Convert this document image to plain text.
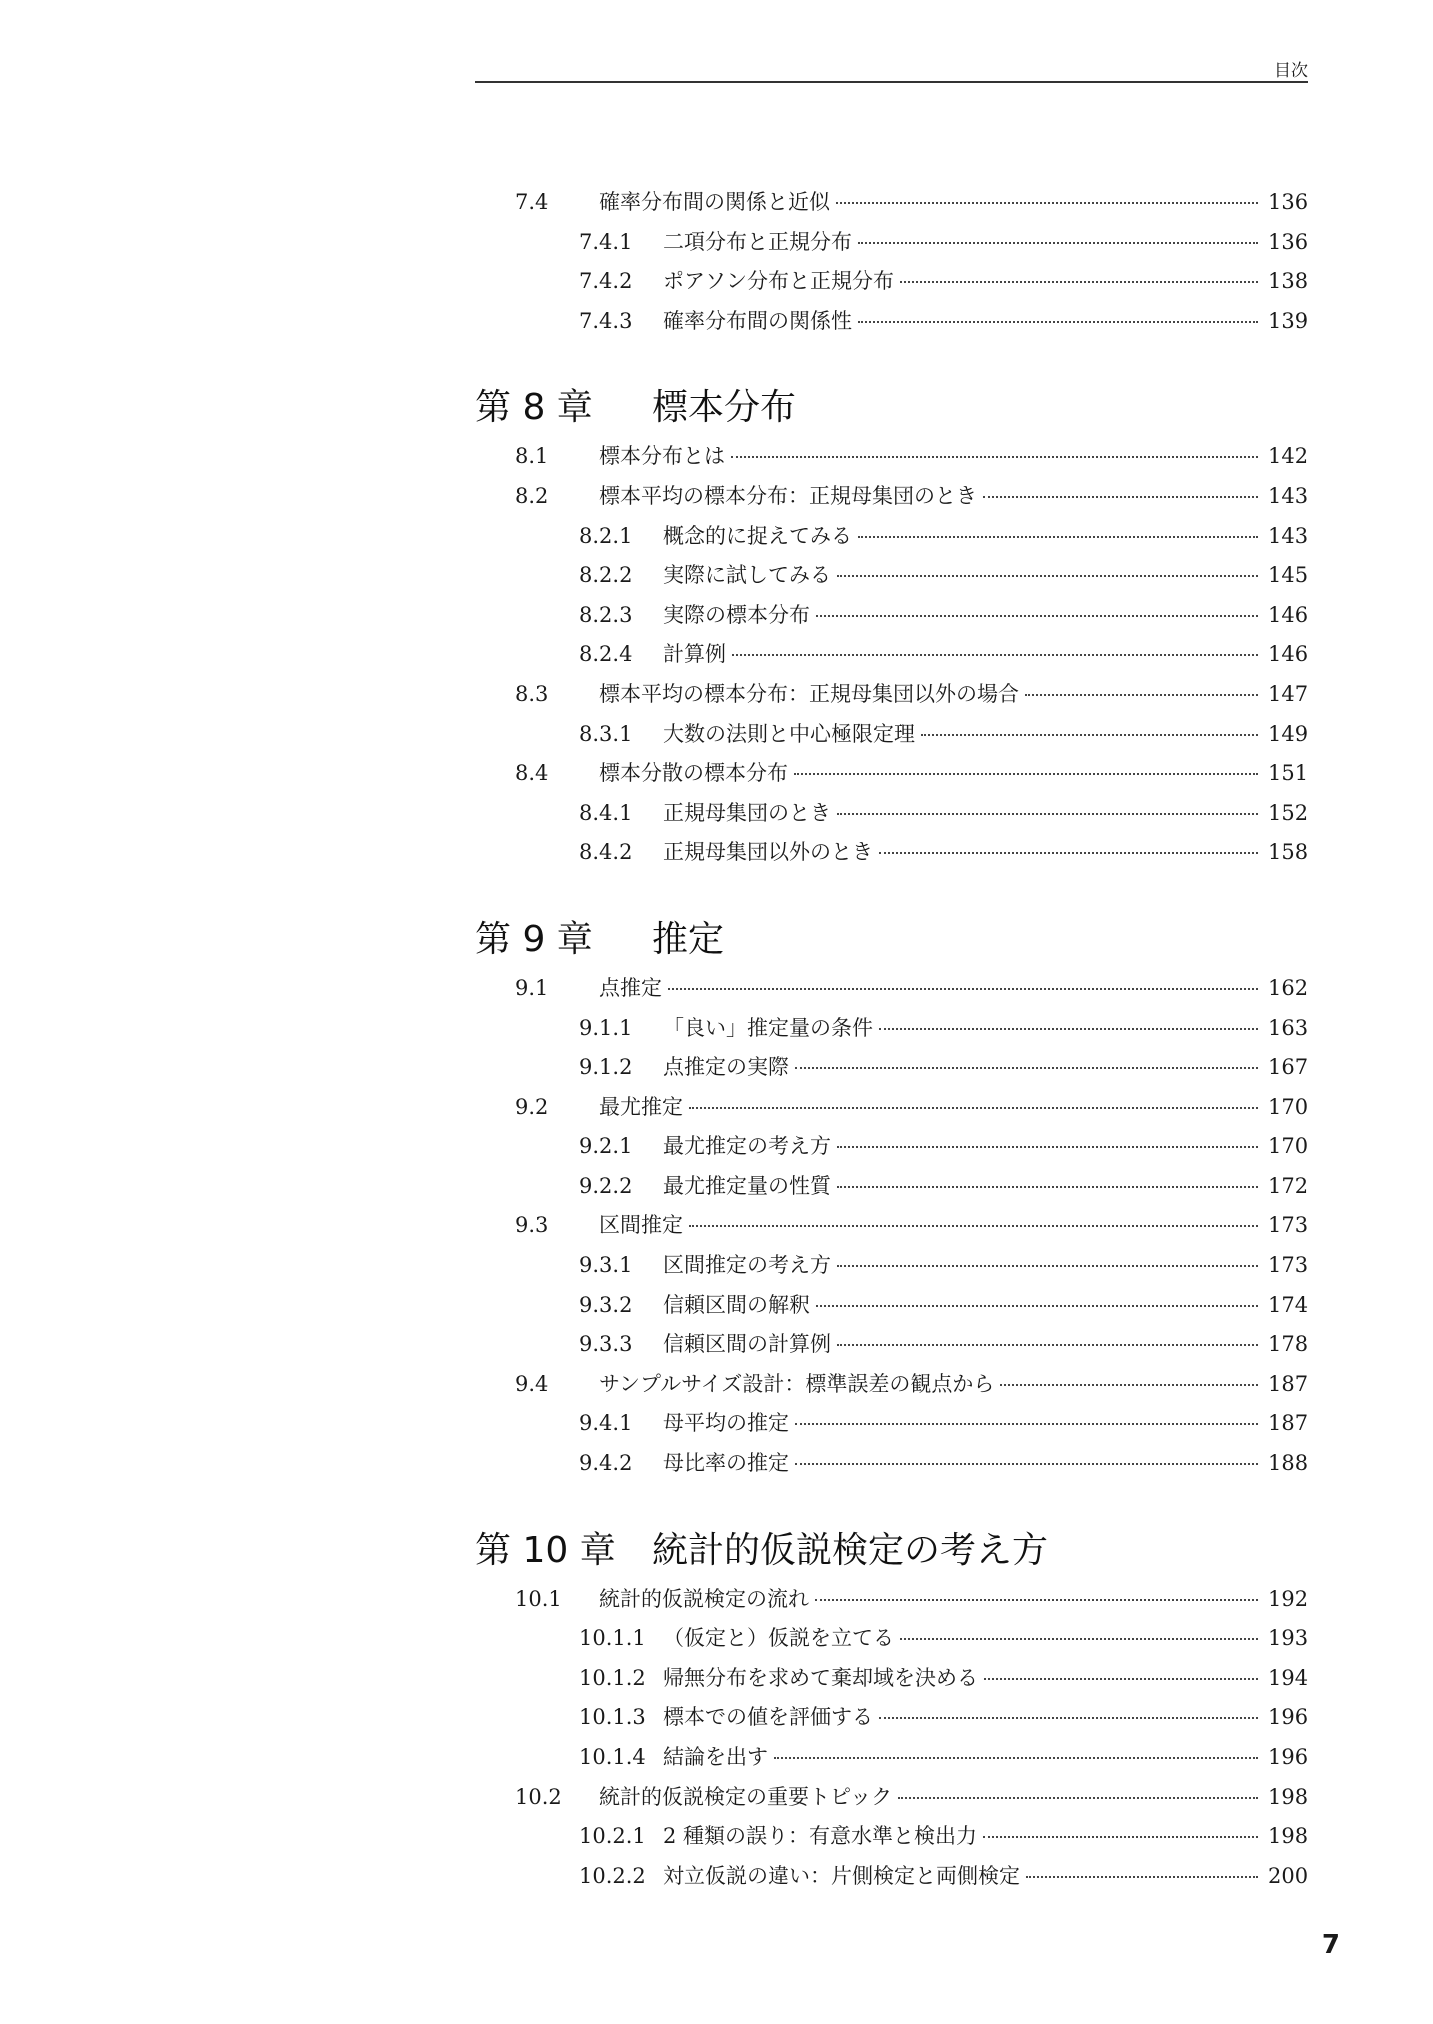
目次
7.4	確率分布間の関係と近似	136
7.4.1	二項分布と正規分布	136
7.4.2	ポアソン分布と正規分布	138
7.4.3	確率分布間の関係性	139
第 8 章	標本分布
8.1	標本分布とは	142
8.2	標本平均の標本分布：正規母集団のとき	143
8.2.1	概念的に捉えてみる	143
8.2.2	実際に試してみる	145
8.2.3	実際の標本分布	146
8.2.4	計算例	146
8.3	標本平均の標本分布：正規母集団以外の場合	147
8.3.1	大数の法則と中心極限定理	149
8.4	標本分散の標本分布	151
8.4.1	正規母集団のとき	152
8.4.2	正規母集団以外のとき	158
第 9 章	推定
9.1	点推定	162
9.1.1	「良い」推定量の条件	163
9.1.2	点推定の実際	167
9.2	最尤推定	170
9.2.1	最尤推定の考え方	170
9.2.2	最尤推定量の性質	172
9.3	区間推定	173
9.3.1	区間推定の考え方	173
9.3.2	信頼区間の解釈	174
9.3.3	信頼区間の計算例	178
9.4	サンプルサイズ設計：標準誤差の観点から	187
9.4.1	母平均の推定	187
9.4.2	母比率の推定	188
第 10 章	統計的仮説検定の考え方
10.1	統計的仮説検定の流れ	192
10.1.1 （仮定と）仮説を立てる	193
10.1.2 帰無分布を求めて棄却域を決める	194
10.1.3 標本での値を評価する	196
10.1.4 結論を出す	196
10.2	統計的仮説検定の重要トピック	198
10.2.1 2 種類の誤り：有意水準と検出力	198
10.2.2 対立仮説の違い：片側検定と両側検定	200
7
